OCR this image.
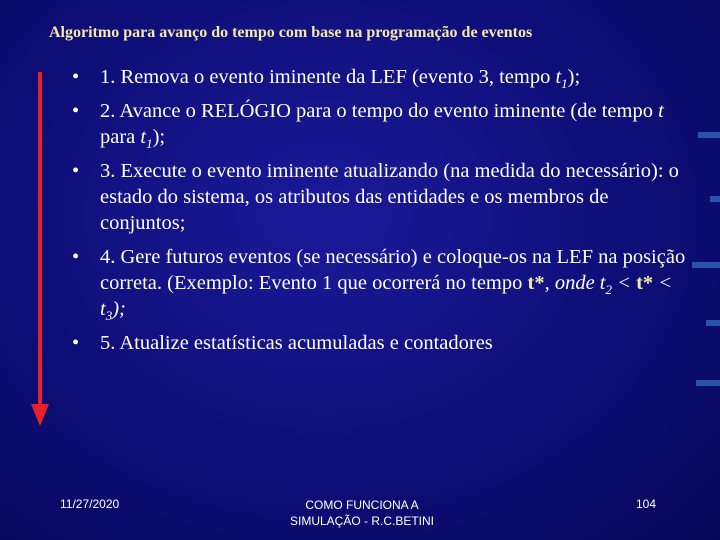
Algoritmo para avanço do tempo com base na programação de eventos
• 1. Remova o evento iminente da LEF (evento 3, tempo $t_1$);
• 2. Avance o RELÓGIO para o tempo do evento iminente (de tempo t para $t_1$);
• 3. Execute o evento iminente atualizando (na medida do necessário): o estado do sistema, os atributos das entidades e os membros de conjuntos;
• 4. Gere futuros eventos (se necessário) e coloque-os na LEF na posição correta. (Exemplo: Evento 1 que ocorrerá no tempo t*, onde $t_2 < t* < t_3$);
• 5. Atualize estatísticas acumuladas e contadores
11/27/2020	COMO FUNCIONA A
SIMULAÇÃO - R.C.BETINI
104
